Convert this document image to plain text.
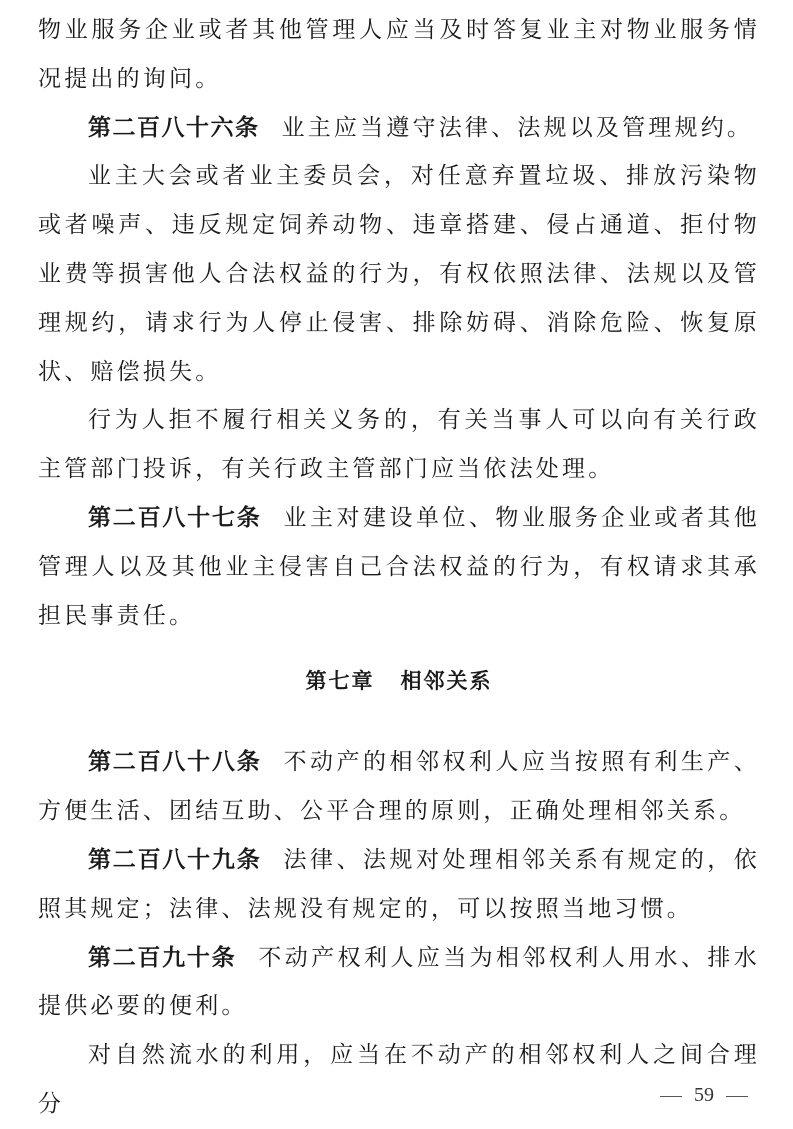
物业服务企业或者其他管理人应当及时答复业主对物业服务情况提出的询问。

第二百八十六条 业主应当遵守法律、法规以及管理规约。

业主大会或者业主委员会，对任意弃置垃圾、排放污染物或者噪声、违反规定饲养动物、违章搭建、侵占通道、拒付物业费等损害他人合法权益的行为，有权依照法律、法规以及管理规约，请求行为人停止侵害、排除妨碍、消除危险、恢复原状、赔偿损失。

行为人拒不履行相关义务的，有关当事人可以向有关行政主管部门投诉，有关行政主管部门应当依法处理。

第二百八十七条 业主对建设单位、物业服务企业或者其他管理人以及其他业主侵害自己合法权益的行为，有权请求其承担民事责任。

第七章 相邻关系

第二百八十八条 不动产的相邻权利人应当按照有利生产、方便生活、团结互助、公平合理的原则，正确处理相邻关系。

第二百八十九条 法律、法规对处理相邻关系有规定的，依照其规定；法律、法规没有规定的，可以按照当地习惯。

第二百九十条 不动产权利人应当为相邻权利人用水、排水提供必要的便利。

对自然流水的利用，应当在不动产的相邻权利人之间合理分	59
